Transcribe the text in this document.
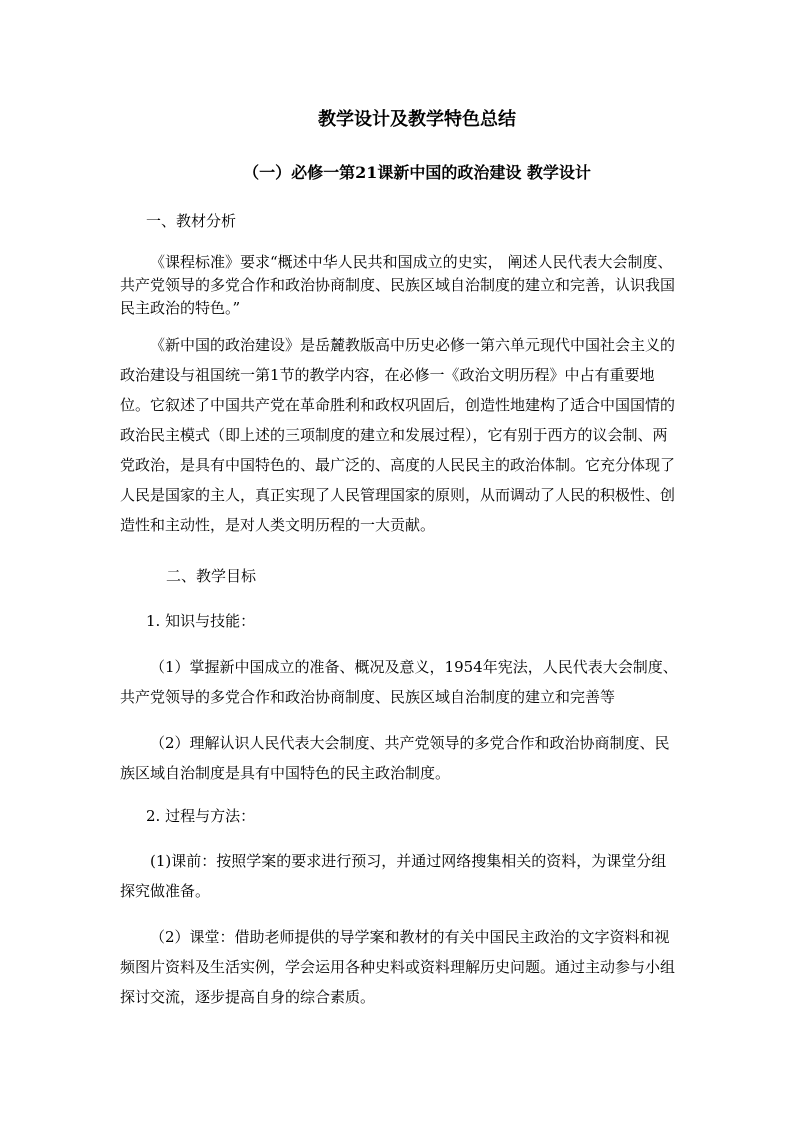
教学设计及教学特色总结
（一）必修一第21课新中国的政治建设 教学设计

一、教材分析

《课程标准》要求“概述中华人民共和国成立的史实， 阐述人民代表大会制度、共产党领导的多党合作和政治协商制度、民族区域自治制度的建立和完善，认识我国民主政治的特色。”

《新中国的政治建设》是岳麓教版高中历史必修一第六单元现代中国社会主义的政治建设与祖国统一第1节的教学内容，在必修一《政治文明历程》中占有重要地位。它叙述了中国共产党在革命胜利和政权巩固后，创造性地建构了适合中国国情的政治民主模式（即上述的三项制度的建立和发展过程），它有别于西方的议会制、两党政治，是具有中国特色的、最广泛的、高度的人民民主的政治体制。它充分体现了人民是国家的主人，真正实现了人民管理国家的原则，从而调动了人民的积极性、创造性和主动性，是对人类文明历程的一大贡献。

二、教学目标

1. 知识与技能：

（1）掌握新中国成立的准备、概况及意义，1954年宪法，人民代表大会制度、共产党领导的多党合作和政治协商制度、民族区域自治制度的建立和完善等

（2）理解认识人民代表大会制度、共产党领导的多党合作和政治协商制度、民族区域自治制度是具有中国特色的民主政治制度。

2. 过程与方法：

(1)课前：按照学案的要求进行预习，并通过网络搜集相关的资料，为课堂分组探究做准备。

（2）课堂：借助老师提供的导学案和教材的有关中国民主政治的文字资料和视频图片资料及生活实例，学会运用各种史料或资料理解历史问题。通过主动参与小组探讨交流，逐步提高自身的综合素质。
